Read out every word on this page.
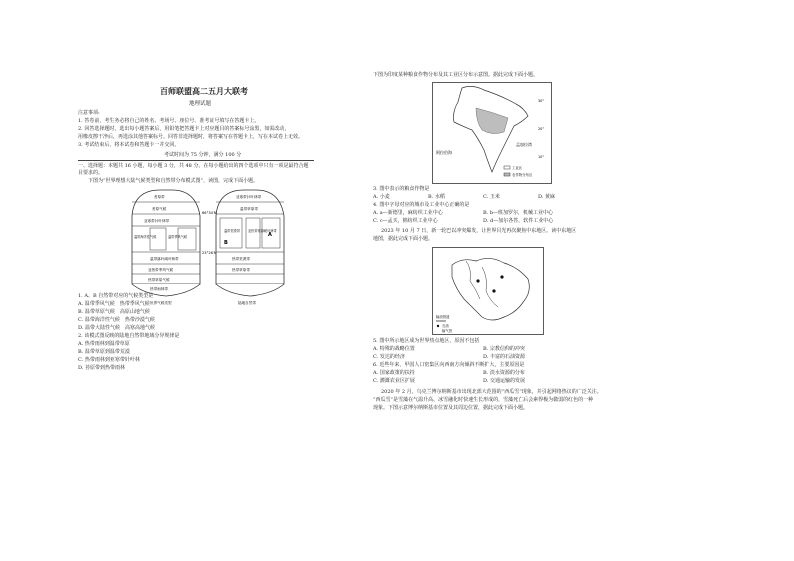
百师联盟高二五月大联考
地理试题
注意事项:
1. 答卷前，考生务必将自己的姓名、考场号、座位号、准考证号填写在答题卡上。
2. 回答选择题时，选出每小题答案后，用铅笔把答题卡上对应题目的答案标号涂黑，如需改动，
用橡皮擦干净后，再选涂其他答案标号。回答非选择题时，将答案写在答题卡上，写在本试卷上无效。
3. 考试结束后，将本试卷和答题卡一并交回。
考试时间为 75 分钟，满分 100 分
一、选择题：本题共 16 小题，每小题 3 分，共 48 分。在每小题给出的四个选项中只有一项是最符合题
目要求的。
下图为“世界理想大陆气候类型和自然带分布模式图”，读图，完成下面小题。
苔原带
苔原气候
亚寒带针叶林带
温带海洋性气候	温带季风气候
温带落叶阔叶林带
亚热带季风气候
热带草原气候
热带雨林带
世界气候类型
66°34′N
23°26′N
亚寒带针叶林带
温带草原带
温带荒漠带	亚热带常绿硬叶林带
热带荒漠带
热带草原带
A
B
陆地自然带
1. A、B 自然带对应的气候类型是
A. 温带季风气候　热带季风气候
B. 温带草原气候　高原山地气候
C. 温带海洋性气候　热带沙漠气候
D. 温带大陆性气候　高寒高地气候
2. 该模式图反映的陆地自然带地域分异规律是
A. 热带雨林到温带草原
B. 温带草原到温带荒漠
C. 热带雨林到亚寒带针叶林
D. 苔原带到热带雨林
下图为印度某种粮食作物分布及其工业区分布示意图。据此完成下面小题。
阿拉伯海
孟加拉湾
30°
20°
10°
工业区
农作物分布区
3. 图中表示的粮食作物是
A. 小麦	B. 水稻	C. 玉米	D. 黄麻
4. 图中字母对应的城市及工业中心正确的是
A. a—新德里，麻纺织工业中心	B. b—班加罗尔，机械工业中心
C. c—孟买，棉纺织工业中心	D. d—加尔各答，软件工业中心
2023 年 10 月 7 日，新一轮巴以冲突爆发，让世界目光再次聚焦中东地区。读中东地区
地图，据此完成下面小题。
输油管道
石油
输气管
5. 图中所示地区成为世界热点地区，原因不包括
A. 特殊的战略位置	B. 宗教信仰的冲突
C. 发达的经济	D. 丰富的石油资源
6. 近些年来，甲国人口密集区向西南方向倾斜不断扩大，主要原因是
A. 国家政策的扶持	B. 淡水资源的分布
C. 灌溉农业区扩展	D. 交通运输的发展
2020 年 2 月，乌克兰博尔纳斯基市出现北部大范围的“西瓜雪”现象，并引起网络热议的广泛关注。
“西瓜雪”是雪藻在气温升高、冰雪融化时快速生长形成的，雪藻死亡后会素得极为微弱的红色的一种
现象。下图示意博尔纳斯基市位置及其周边位置，据此完成下面小题。
